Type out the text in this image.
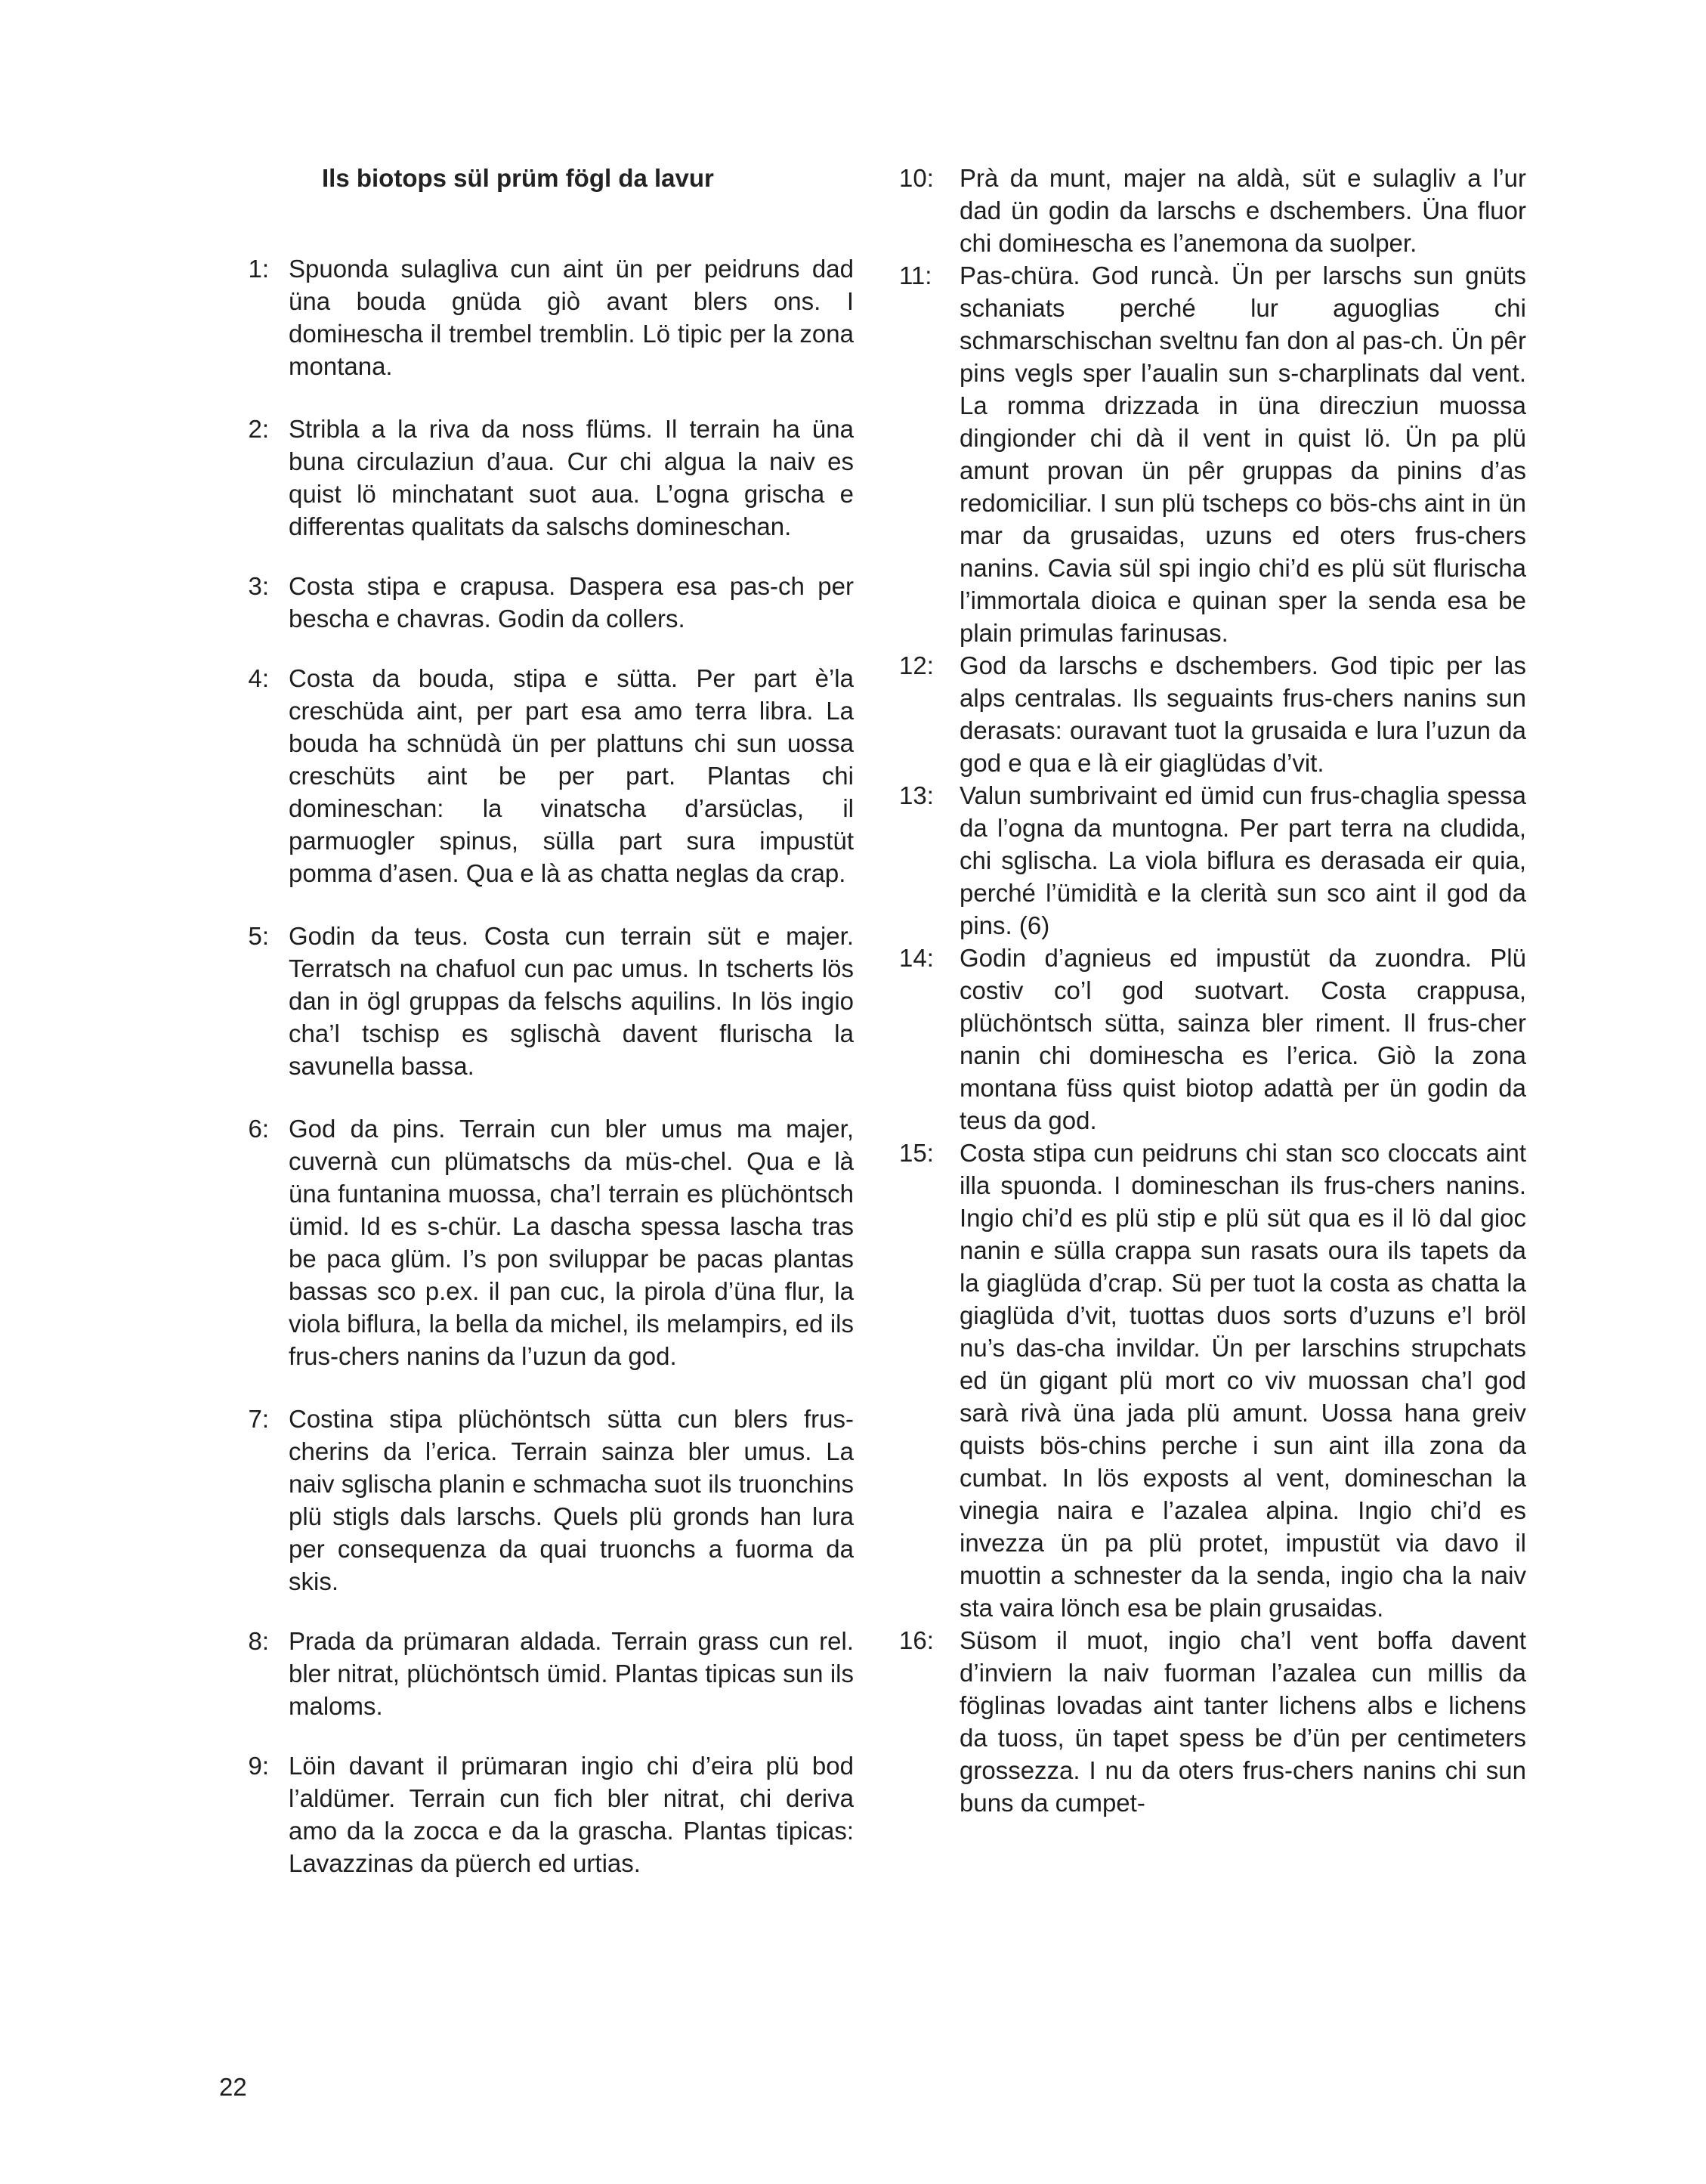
Ils biotops sül prüm fögl da lavur
1: Spuonda sulagliva cun aint ün per peidruns dad üna bouda gnüda giò avant blers ons. I domінescha il trembel tremblin. Lö tipic per la zona montana.
2: Stribla a la riva da noss flüms. Il terrain ha üna buna circulaziun d’aua. Cur chi algua la naiv es quist lö minchatant suot aua. L’ogna grischa e differentas qualitats da salschs domineschan.
3: Costa stipa e crapusa. Daspera esa pas-ch per bescha e chavras. Godin da collers.
4: Costa da bouda, stipa e sütta. Per part è’la creschüda aint, per part esa amo terra libra. La bouda ha schnüdà ün per plattuns chi sun uossa creschüts aint be per part. Plantas chi domineschan: la vinatscha d’arsüclas, il parmuogler spinus, sülla part sura impustüt pomma d’asen. Qua e là as chatta neglas da crap.
5: Godin da teus. Costa cun terrain süt e majer. Terratsch na chafuol cun pac umus. In tscherts lös dan in ögl gruppas da felschs aquilins. In lös ingio cha’l tschisp es sglischà davent flurischa la savunella bassa.
6: God da pins. Terrain cun bler umus ma majer, cuvernà cun plümatschs da müs-chel. Qua e là üna funtanina muossa, cha’l terrain es plüchöntsch ümid. Id es s-chür. La dascha spessa lascha tras be paca glüm. I’s pon sviluppar be pacas plantas bassas sco p.ex. il pan cuc, la pirola d’üna flur, la viola biflura, la bella da michel, ils melampirs, ed ils frus-chers nanins da l’uzun da god.
7: Costina stipa plüchöntsch sütta cun blers frus-cherins da l’erica. Terrain sainza bler umus. La naiv sglischa planin e schmacha suot ils truonchins plü stigls dals larschs. Quels plü gronds han lura per consequenza da quai truonchs a fuorma da skis.
8: Prada da prümaran aldada. Terrain grass cun rel. bler nitrat, plüchöntsch ümid. Plantas tipicas sun ils maloms.
9: Löin davant il prümaran ingio chi d’eira plü bod l’aldümer. Terrain cun fich bler nitrat, chi deriva amo da la zocca e da la grascha. Plantas tipicas: Lavazzinas da püerch ed urtias.
10:	Prà da munt, majer na aldà, süt e sulagliv a l’ur dad ün godin da larschs e dschembers. Üna fluor chi domінescha es l’anemona da suolper.
11:	Pas-chüra. God runcà. Ün per larschs sun gnüts schaniats perché lur aguoglias chi schmarschischan sveltnu fan don al pas-ch. Ün pêr pins vegls sper l’aualin sun s-charplinats dal vent. La romma drizzada in üna direcziun muossa dingionder chi dà il vent in quist lö. Ün pa plü amunt provan ün pêr gruppas da pinins d’as redomiciliar. I sun plü tscheps co bös-chs aint in ün mar da grusaidas, uzuns ed oters frus-chers nanins. Cavia sül spi ingio chi’d es plü süt flurischa l’immortala dioica e quinan sper la senda esa be plain primulas farinusas.
12:	God da larschs e dschembers. God tipic per las alps centralas. Ils seguaints frus-chers nanins sun derasats: ouravant tuot la grusaida e lura l’uzun da god e qua e là eir giaglüdas d’vit.
13:	Valun sumbrivaint ed ümid cun frus-chaglia spessa da l’ogna da muntogna. Per part terra na cludida, chi sglischa. La viola biflura es derasada eir quia, perché l’ümidità e la clerità sun sco aint il god da pins. (6)
14:	Godin d’agnieus ed impustüt da zuondra. Plü costiv co’l god suotvart. Costa crappusa, plüchöntsch sütta, sainza bler riment. Il frus-cher nanin chi domінescha es l’erica. Giò la zona montana füss quist biotop adattà per ün godin da teus da god.
15:	Costa stipa cun peidruns chi stan sco cloccats aint illa spuonda. I domineschan ils frus-chers nanins. Ingio chi’d es plü stip e plü süt qua es il lö dal gioc nanin e sülla crappa sun rasats oura ils tapets da la giaglüda d’crap. Sü per tuot la costa as chatta la giaglüda d’vit, tuottas duos sorts d’uzuns e’l bröl nu’s das-cha invildar. Ün per larschins strupchats ed ün gigant plü mort co viv muossan cha’l god sarà rivà üna jada plü amunt. Uossa hana greiv quists bös-chins perche i sun aint illa zona da cumbat. In lös exposts al vent, domineschan la vinegia naira e l’azalea alpina. Ingio chi’d es invezza ün pa plü protet, impustüt via davo il muottin a schnester da la senda, ingio cha la naiv sta vaira lönch esa be plain grusaidas.
16:	Süsom il muot, ingio cha’l vent boffa davent d’inviern la naiv fuorman l’azalea cun millis da föglinas lovadas aint tanter lichens albs e lichens da tuoss, ün tapet spess be d’ün per centimeters grossezza. I nu da oters frus-chers nanins chi sun buns da cumpet-
22
